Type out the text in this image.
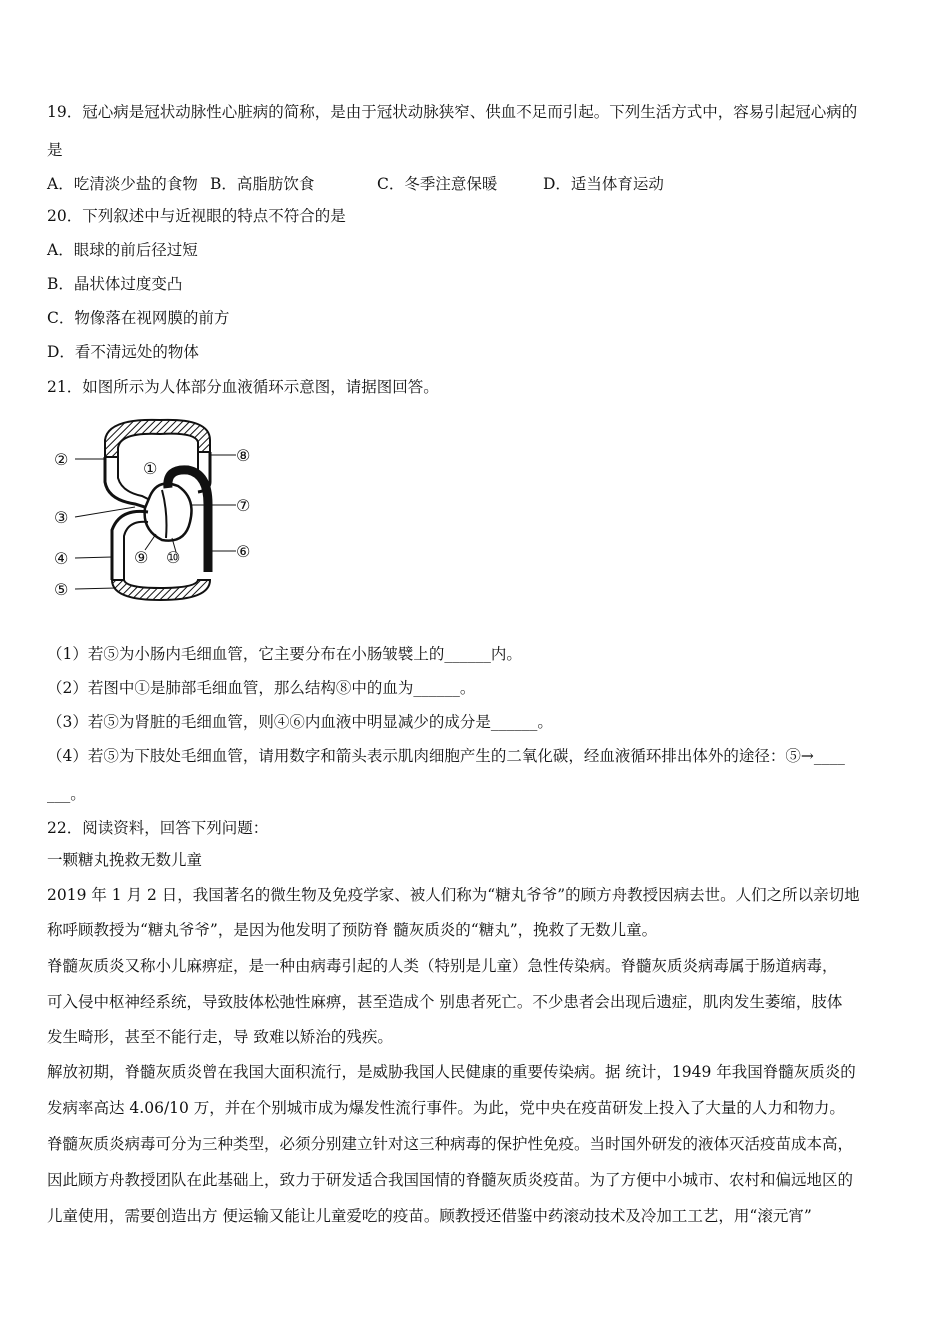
19．冠心病是冠状动脉性心脏病的简称，是由于冠状动脉狭窄、供血不足而引起。下列生活方式中，容易引起冠心病的
是
A．吃清淡少盐的食物 B．高脂肪饮食	C．冬季注意保暖	D．适当体育运动
20．下列叙述中与近视眼的特点不符合的是
A．眼球的前后径过短
B．晶状体过度变凸
C．物像落在视网膜的前方
D．看不清远处的物体
21．如图所示为人体部分血液循环示意图，请据图回答。
①
②
③
④
⑤
⑥
⑦
⑧
⑨ ⑩
（1）若⑤为小肠内毛细血管，它主要分布在小肠皱襞上的______内。
（2）若图中①是肺部毛细血管，那么结构⑧中的血为______。
（3）若⑤为肾脏的毛细血管，则④⑥内血液中明显减少的成分是______。
（4）若⑤为下肢处毛细血管，请用数字和箭头表示肌肉细胞产生的二氧化碳，经血液循环排出体外的途径：⑤→____
___。
22．阅读资料，回答下列问题：
一颗糖丸挽救无数儿童
2019 年 1 月 2 日，我国著名的微生物及免疫学家、被人们称为“糖丸爷爷”的顾方舟教授因病去世。人们之所以亲切地
称呼顾教授为“糖丸爷爷”，是因为他发明了预防脊 髓灰质炎的“糖丸”，挽救了无数儿童。
脊髓灰质炎又称小儿麻痹症，是一种由病毒引起的人类（特别是儿童）急性传染病。脊髓灰质炎病毒属于肠道病毒，
可入侵中枢神经系统，导致肢体松弛性麻痹，甚至造成个 别患者死亡。不少患者会出现后遗症，肌肉发生萎缩，肢体
发生畸形，甚至不能行走，导 致难以矫治的残疾。
解放初期，脊髓灰质炎曾在我国大面积流行，是威胁我国人民健康的重要传染病。据 统计，1949 年我国脊髓灰质炎的
发病率高达 4.06/10 万，并在个别城市成为爆发性流行事件。为此，党中央在疫苗研发上投入了大量的人力和物力。
脊髓灰质炎病毒可分为三种类型，必须分别建立针对这三种病毒的保护性免疫。当时国外研发的液体灭活疫苗成本高，
因此顾方舟教授团队在此基础上，致力于研发适合我国国情的脊髓灰质炎疫苗。为了方便中小城市、农村和偏远地区的
儿童使用，需要创造出方 便运输又能让儿童爱吃的疫苗。顾教授还借鉴中药滚动技术及冷加工工艺，用“滚元宵”
